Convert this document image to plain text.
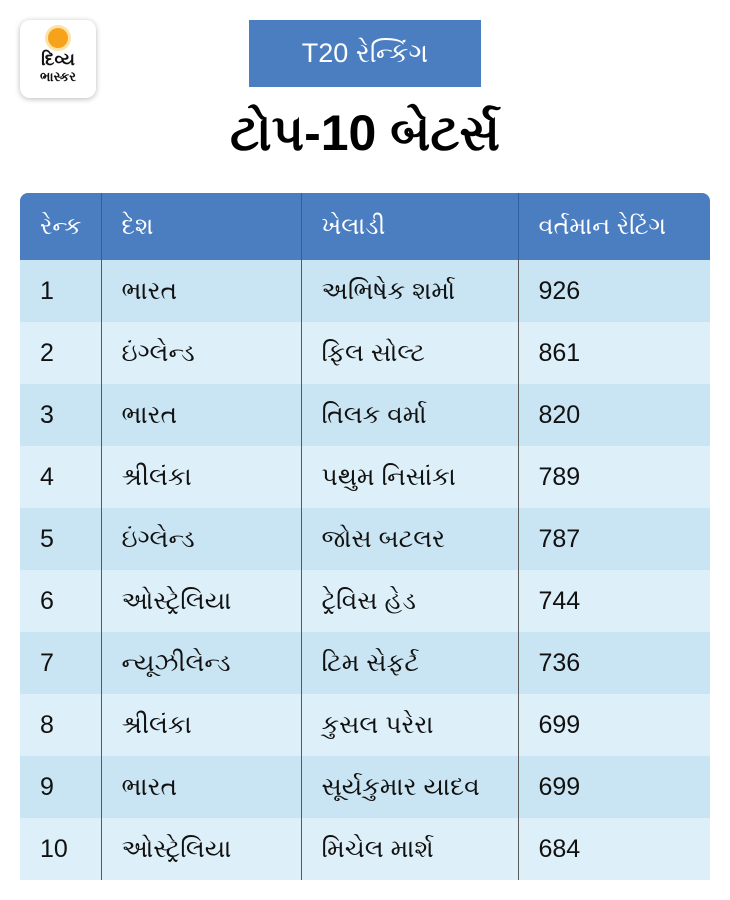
દિવ્ય
ભાસ્કર
T20 રેન્કિંગ
ટોપ-10 બેટર્સ
રેન્ક	દેશ	ખેલાડી	વર્તમાન રેટિંગ
1	ભારત	અભિષેક શર્મા	926
2	ઇંગ્લેન્ડ	ફિલ સોલ્ટ	861
3	ભારત	તિલક વર્મા	820
4	શ્રીલંકા	પથુમ નિસાંકા	789
5	ઇંગ્લેન્ડ	જોસ બટલર	787
6	ઓસ્ટ્રેલિયા	ટ્રેવિસ હેડ	744
7	ન્યૂઝીલેન્ડ	ટિમ સેફર્ટ	736
8	શ્રીલંકા	કુસલ પરેરા	699
9	ભારત	સૂર્યકુમાર યાદવ	699
10	ઓસ્ટ્રેલિયા	મિચેલ માર્શ	684
